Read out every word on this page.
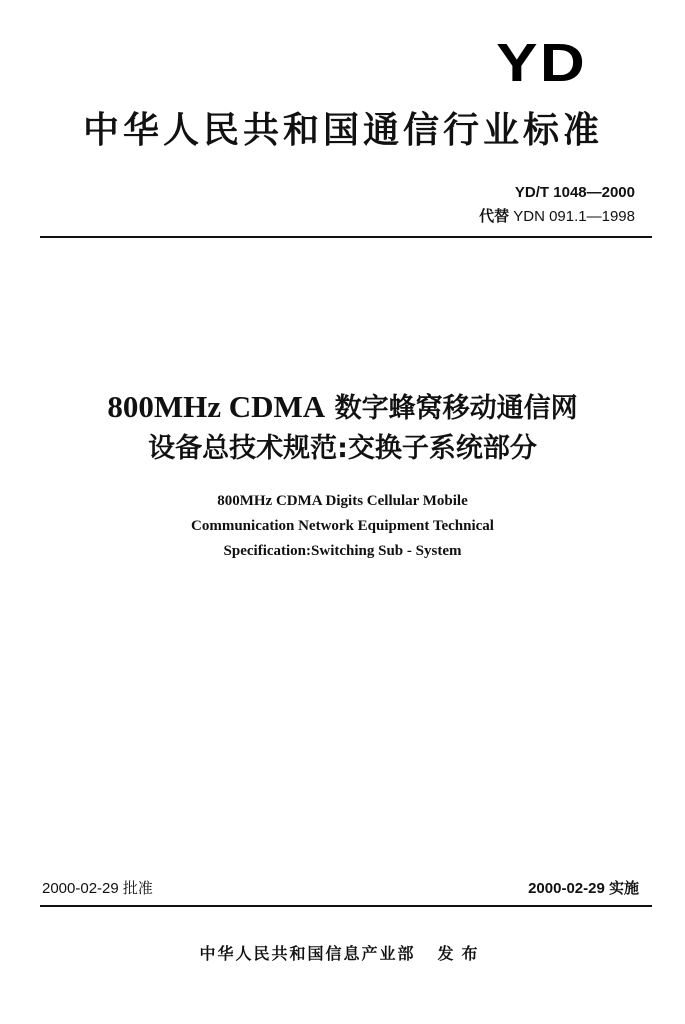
YD
中华人民共和国通信行业标准
YD/T 1048—2000
代替 YDN 091.1—1998
800MHz CDMA 数字蜂窝移动通信网
设备总技术规范:交换子系统部分
800MHz CDMA Digits Cellular Mobile
Communication Network Equipment Technical
Specification:Switching Sub - System
2000-02-29 批准	2000-02-29 实施
中华人民共和国信息产业部 发布
